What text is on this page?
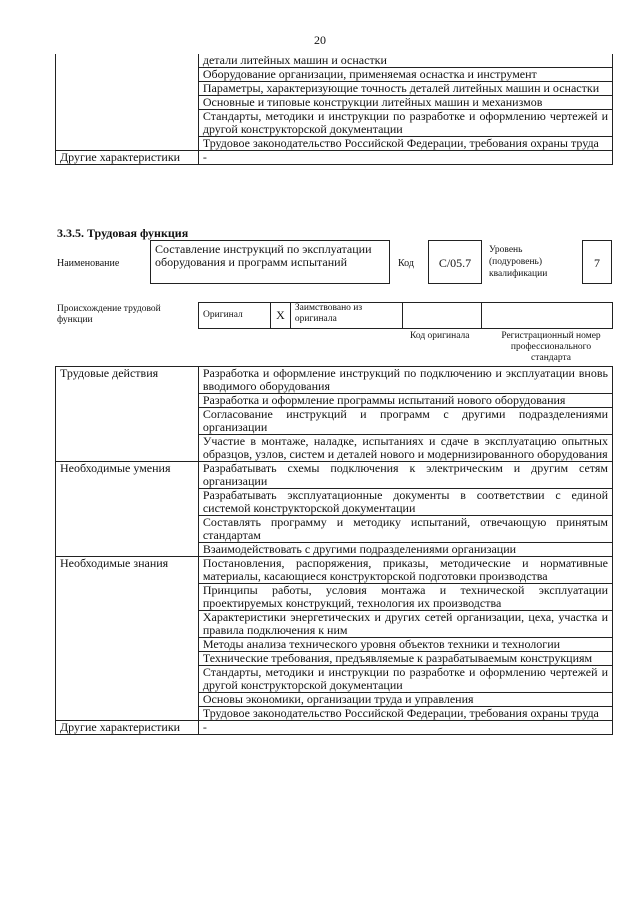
20
	детали литейных машин и оснастки
	Оборудование организации, применяемая оснастка и инструмент
	Параметры, характеризующие точность деталей литейных машин и оснастки
	Основные и типовые конструкции литейных машин и механизмов
	Стандарты, методики и инструкции по разработке и оформлению чертежей и другой конструкторской документации
	Трудовое законодательство Российской Федерации, требования охраны труда
Другие характеристики	-
3.3.5. Трудовая функция
Наименование
Составление инструкций по эксплуатации оборудования и программ испытаний	Код	C/05.7
Уровень (подуровень) квалификации
7
Происхождение трудовой функции	Оригинал	X	Заимствовано из оригинала		
Код оригинала	Регистрационный номер профессионального стандарта
Трудовые действия	Разработка и оформление инструкций по подключению и эксплуатации вновь вводимого оборудования
	Разработка и оформление программы испытаний нового оборудования
	Согласование инструкций и программ с другими подразделениями организации
	Участие в монтаже, наладке, испытаниях и сдаче в эксплуатацию опытных образцов, узлов, систем и деталей нового и модернизированного оборудования
Необходимые умения	Разрабатывать схемы подключения к электрическим и другим сетям организации
	Разрабатывать эксплуатационные документы в соответствии с единой системой конструкторской документации
	Составлять программу и методику испытаний, отвечающую принятым стандартам
	Взаимодействовать с другими подразделениями организации
Необходимые знания	Постановления, распоряжения, приказы, методические и нормативные материалы, касающиеся конструкторской подготовки производства
	Принципы работы, условия монтажа и технической эксплуатации проектируемых конструкций, технология их производства
	Характеристики энергетических и других сетей организации, цеха, участка и правила подключения к ним
	Методы анализа технического уровня объектов техники и технологии
	Технические требования, предъявляемые к разрабатываемым конструкциям
	Стандарты, методики и инструкции по разработке и оформлению чертежей и другой конструкторской документации
	Основы экономики, организации труда и управления
	Трудовое законодательство Российской Федерации, требования охраны труда
Другие характеристики	-
